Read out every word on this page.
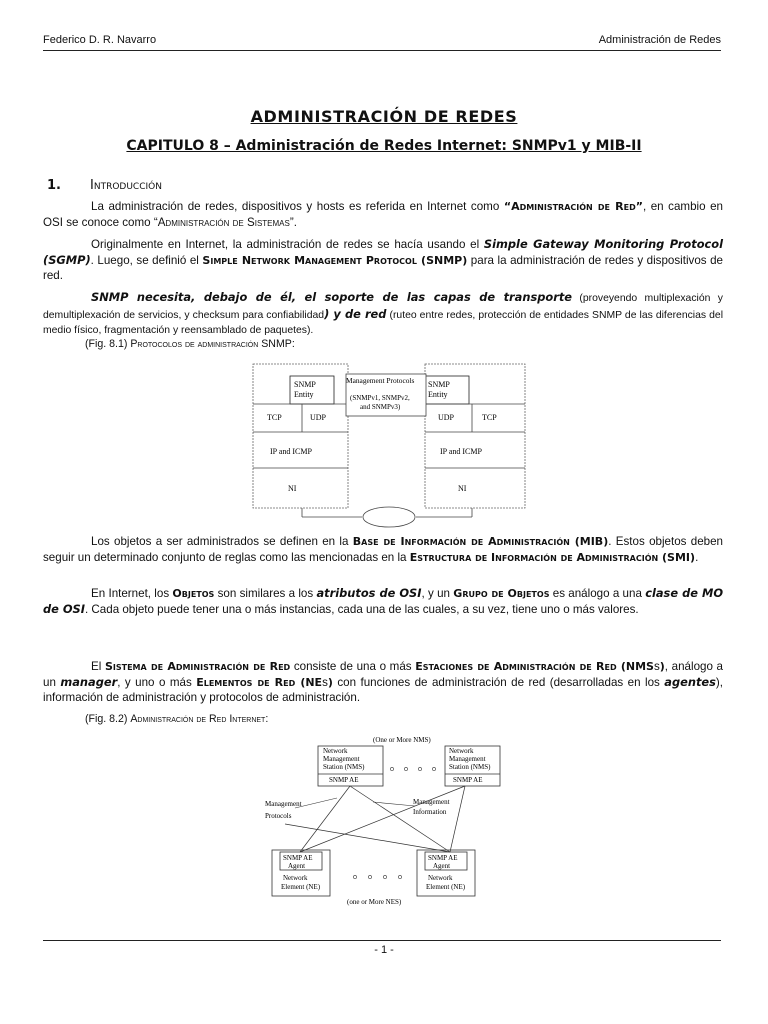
Federico D. R. Navarro	Administración de Redes
ADMINISTRACIÓN DE REDES
CAPITULO 8 – Administración de Redes Internet: SNMPv1 y MIB-II
1. Introducción
La administración de redes, dispositivos y hosts es referida en Internet como “Administración de Red”, en cambio en OSI se conoce como “Administración de Sistemas”.
Originalmente en Internet, la administración de redes se hacía usando el Simple Gateway Monitoring Protocol (SGMP). Luego, se definió el Simple Network Management Protocol (SNMP) para la administración de redes y dispositivos de red.
SNMP necesita, debajo de él, el soporte de las capas de transporte (proveyendo multiplexación y demultiplexación de servicios, y checksum para confiabilidad) y de red (ruteo entre redes, protección de entidades SNMP de las diferencias del medio físico, fragmentación y reensamblado de paquetes).
(Fig. 8.1) Protocolos de administración SNMP:
SNMP
Entity
TCP	UDP
IP and ICMP
NI
SNMP
Entity
UDP	TCP
IP and ICMP
NI
Management Protocols
(SNMPv1, SNMPv2,
and SNMPv3)
Los objetos a ser administrados se definen en la Base de Información de Administración (MIB). Estos objetos deben seguir un determinado conjunto de reglas como las mencionadas en la Estructura de Información de Administración (SMI).
En Internet, los Objetos son similares a los atributos de OSI, y un Grupo de Objetos es análogo a una clase de MO de OSI. Cada objeto puede tener una o más instancias, cada una de las cuales, a su vez, tiene uno o más valores.
El Sistema de Administración de Red consiste de una o más Estaciones de Administración de Red (NMSs), análogo a un manager, y uno o más Elementos de Red (NEs) con funciones de administración de red (desarrolladas en los agentes), información de administración y protocolos de administración.
(Fig. 8.2) Administración de Red Internet:
(One or More NMS)
Network
Management
Station (NMS)
SNMP AE
Network
Management
Station (NMS)
SNMP AE
Management
Protocols
Management
Information
SNMP AE
Agent
Network
Element (NE)
SNMP AE
Agent
Network
Element (NE)
(one or More NES)
- 1 -
